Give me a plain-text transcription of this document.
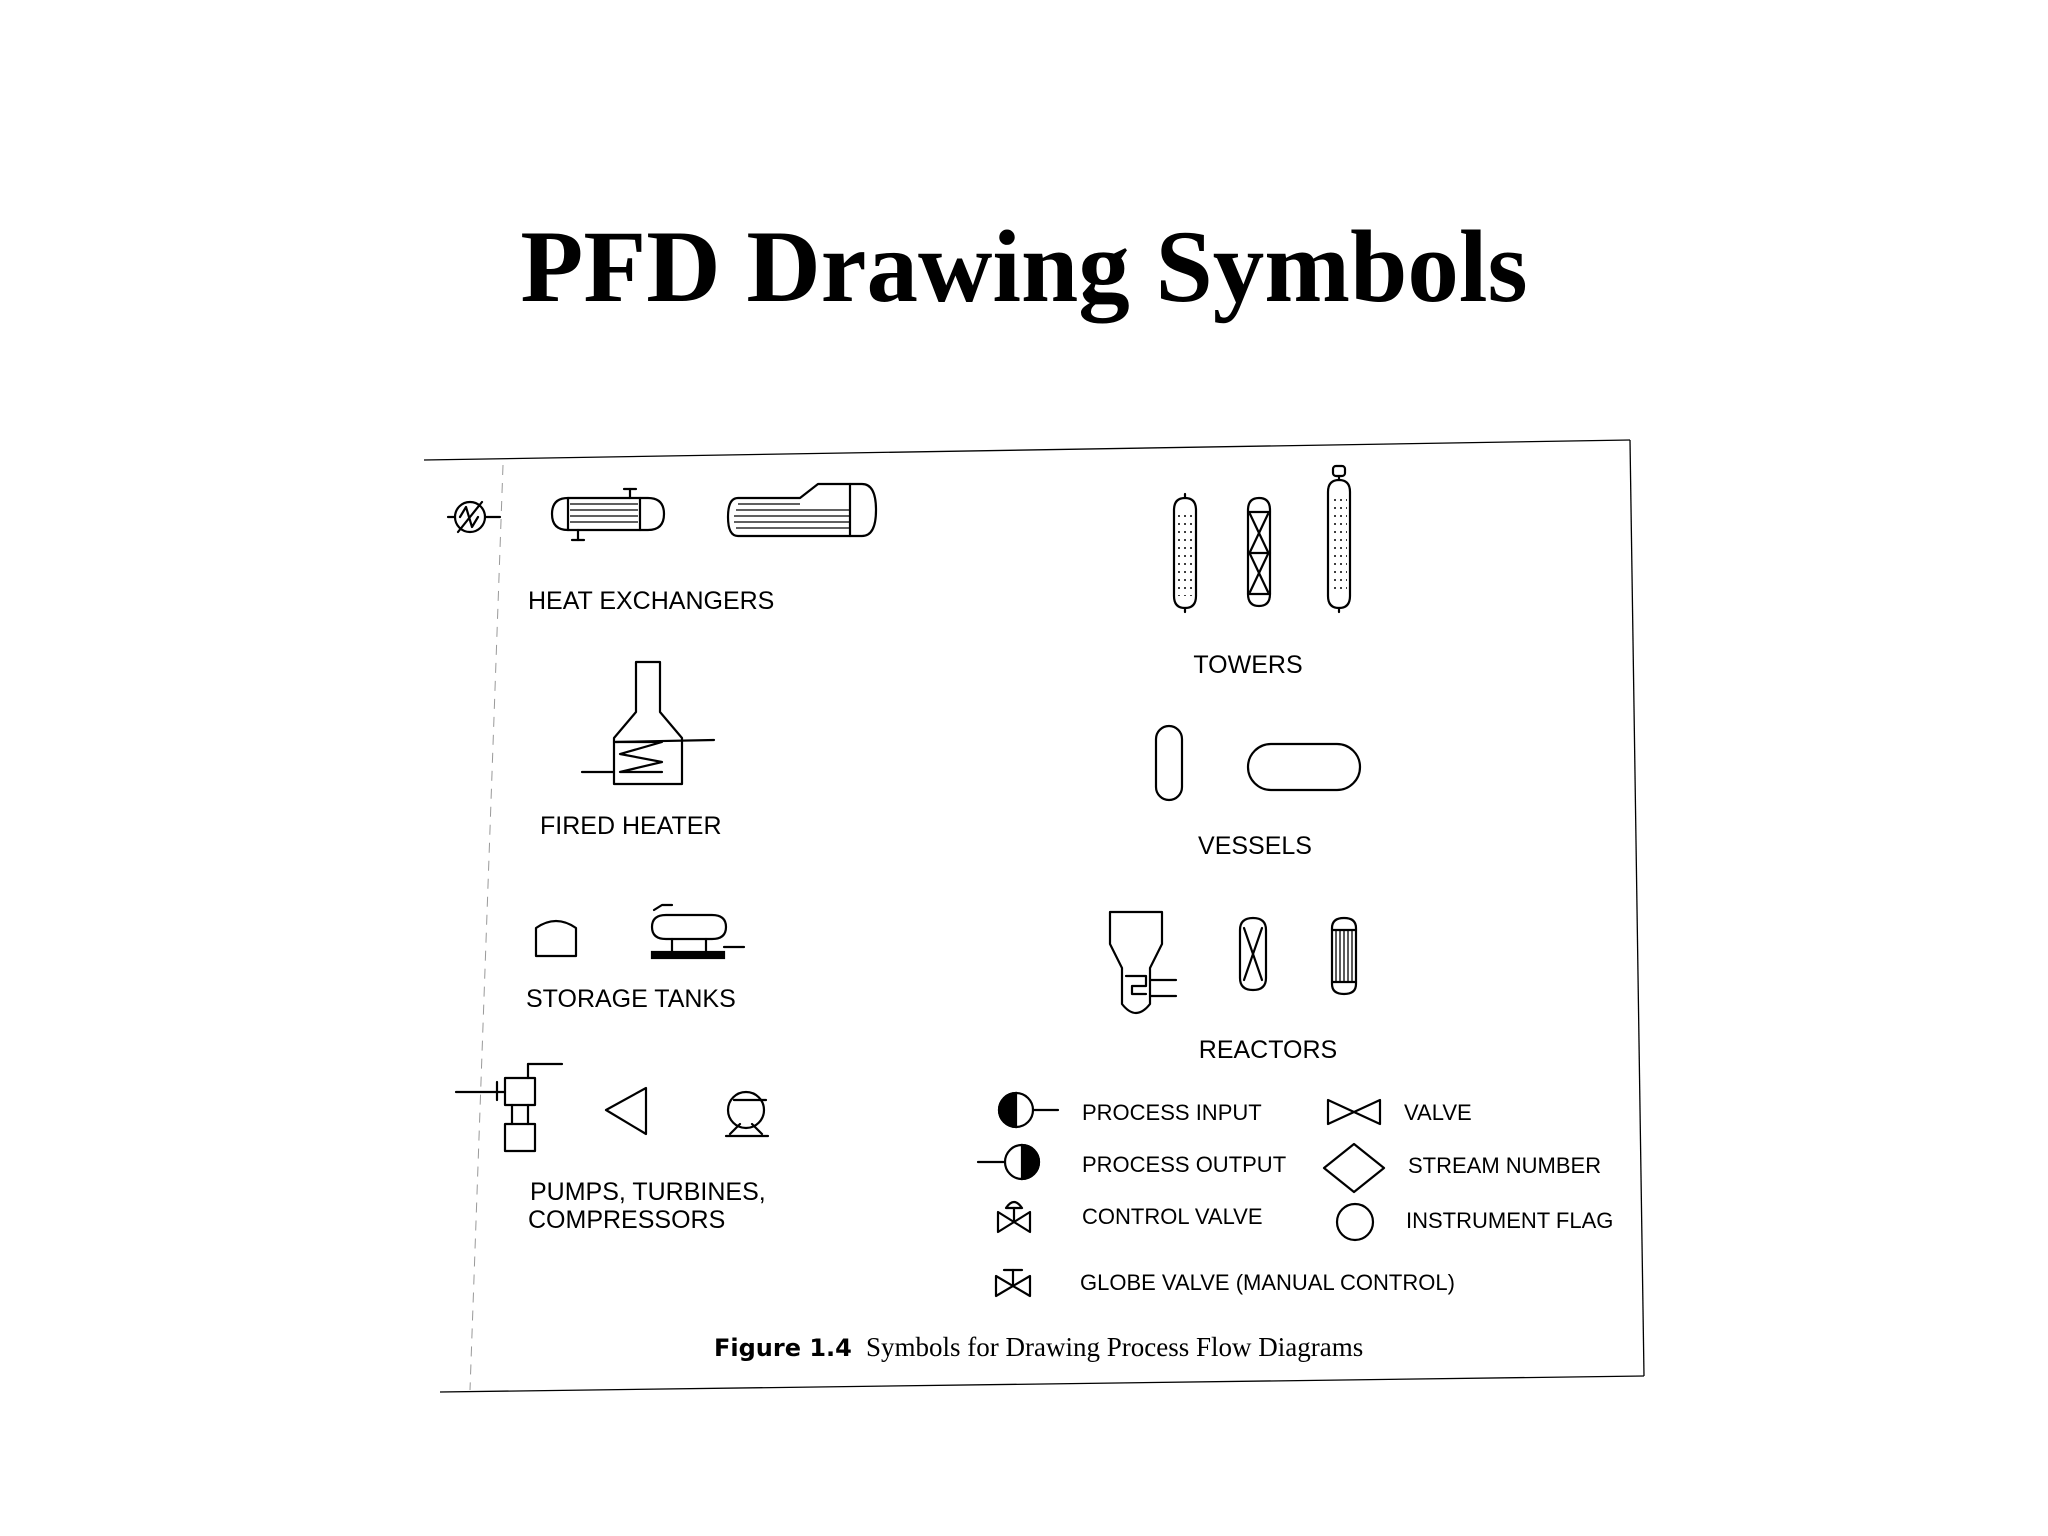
PFD Drawing Symbols
HEAT EXCHANGERS
FIRED HEATER
STORAGE TANKS
PUMPS, TURBINES,
COMPRESSORS
TOWERS
VESSELS
REACTORS
PROCESS INPUT
PROCESS OUTPUT
CONTROL VALVE
GLOBE VALVE (MANUAL CONTROL)
VALVE
STREAM NUMBER
INSTRUMENT FLAG
Figure 1.4 Symbols for Drawing Process Flow Diagrams
